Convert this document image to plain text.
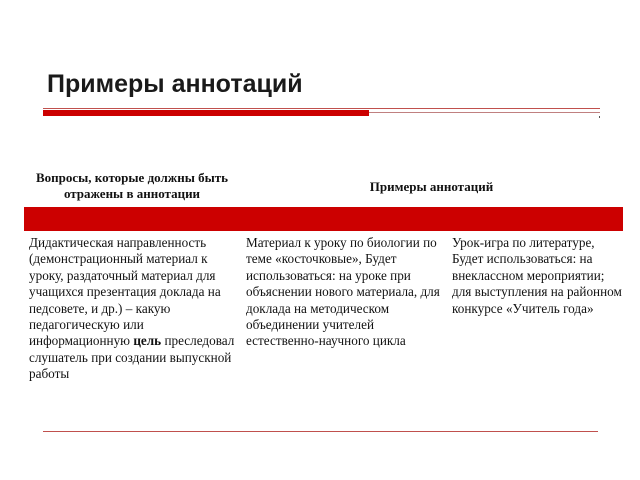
Примеры аннотаций
Вопросы, которые должны быть отражены в аннотации	Примеры аннотаций
Дидактическая направленность (демонстрационный материал к уроку, раздаточный материал для учащихся презентация доклада на педсовете, и др.) – какую педагогическую или информационную цель преследовал слушатель при создании выпускной работы
Материал к уроку по биологии по теме «косточковые», Будет использоваться: на уроке при объяснении нового материала, для доклада на методическом объединении учителей естественно-научного цикла
Урок-игра по литературе, Будет использоваться: на внеклассном мероприятии; для выступления на районном конкурсе «Учитель года»
